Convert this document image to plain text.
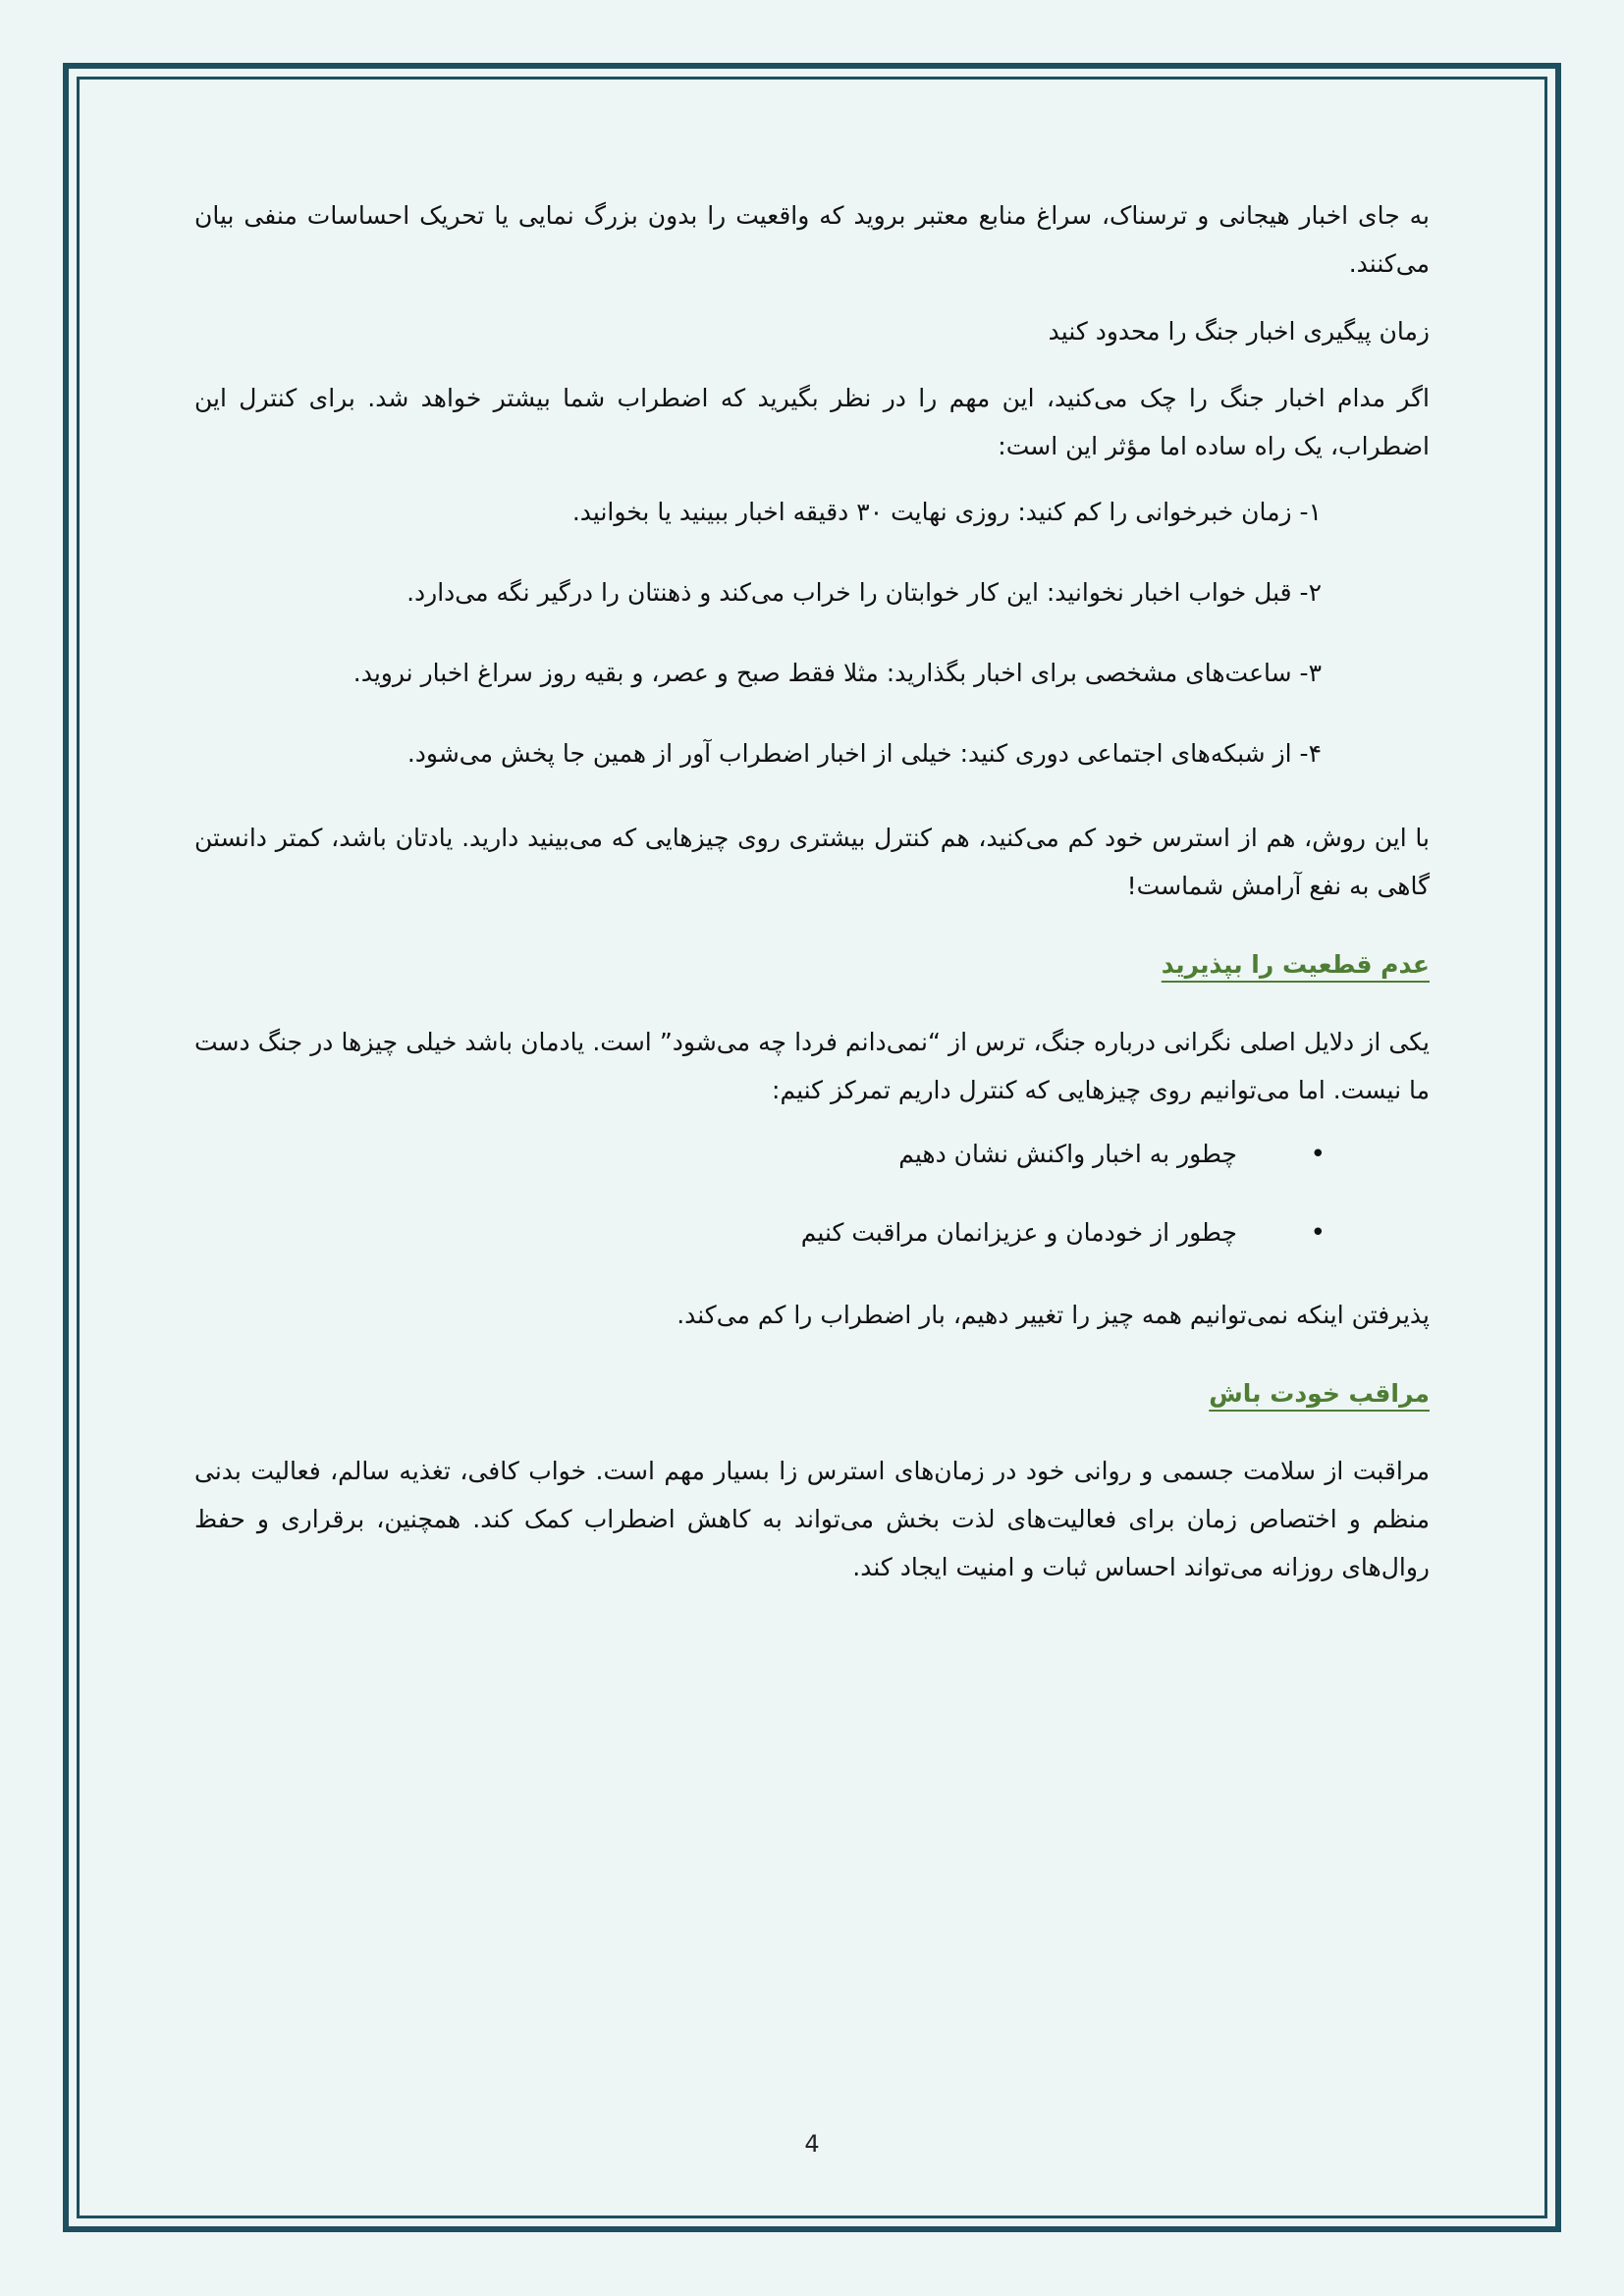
به جای اخبار هیجانی و ترسناک، سراغ منابع معتبر بروید که واقعیت را بدون بزرگ نمایی یا تحریک احساسات منفی بیان می‌کنند.

زمان پیگیری اخبار جنگ را محدود کنید

اگر مدام اخبار جنگ را چک می‌کنید، این مهم را در نظر بگیرید که اضطراب شما بیشتر خواهد شد. برای کنترل این اضطراب، یک راه ساده اما مؤثر این است:

۱- زمان خبرخوانی را کم کنید: روزی نهایت ۳۰ دقیقه اخبار ببینید یا بخوانید.

۲- قبل خواب اخبار نخوانید: این کار خوابتان را خراب می‌کند و ذهنتان را درگیر نگه می‌دارد.

۳- ساعت‌های مشخصی برای اخبار بگذارید: مثلا فقط صبح و عصر، و بقیه روز سراغ اخبار نروید.

۴- از شبکه‌های اجتماعی دوری کنید: خیلی از اخبار اضطراب آور از همین جا پخش می‌شود.

با این روش، هم از استرس خود کم می‌کنید، هم کنترل بیشتری روی چیزهایی که می‌بینید دارید. یادتان باشد، کمتر دانستن گاهی به نفع آرامش شماست!

عدم قطعیت را بپذیرید

یکی از دلایل اصلی نگرانی درباره جنگ، ترس از “نمی‌دانم فردا چه می‌شود” است. یادمان باشد خیلی چیزها در جنگ دست ما نیست. اما می‌توانیم روی چیزهایی که کنترل داریم تمرکز کنیم:

•
چطور به اخبار واکنش نشان دهیم
•
چطور از خودمان و عزیزانمان مراقبت کنیم

پذیرفتن اینکه نمی‌توانیم همه چیز را تغییر دهیم، بار اضطراب را کم می‌کند.

مراقب خودت باش

مراقبت از سلامت جسمی و روانی خود در زمان‌های استرس زا بسیار مهم است. خواب کافی، تغذیه سالم، فعالیت بدنی منظم و اختصاص زمان برای فعالیت‌های لذت بخش می‌تواند به کاهش اضطراب کمک کند. همچنین، برقراری و حفظ روال‌های روزانه می‌تواند احساس ثبات و امنیت ایجاد کند.

4
